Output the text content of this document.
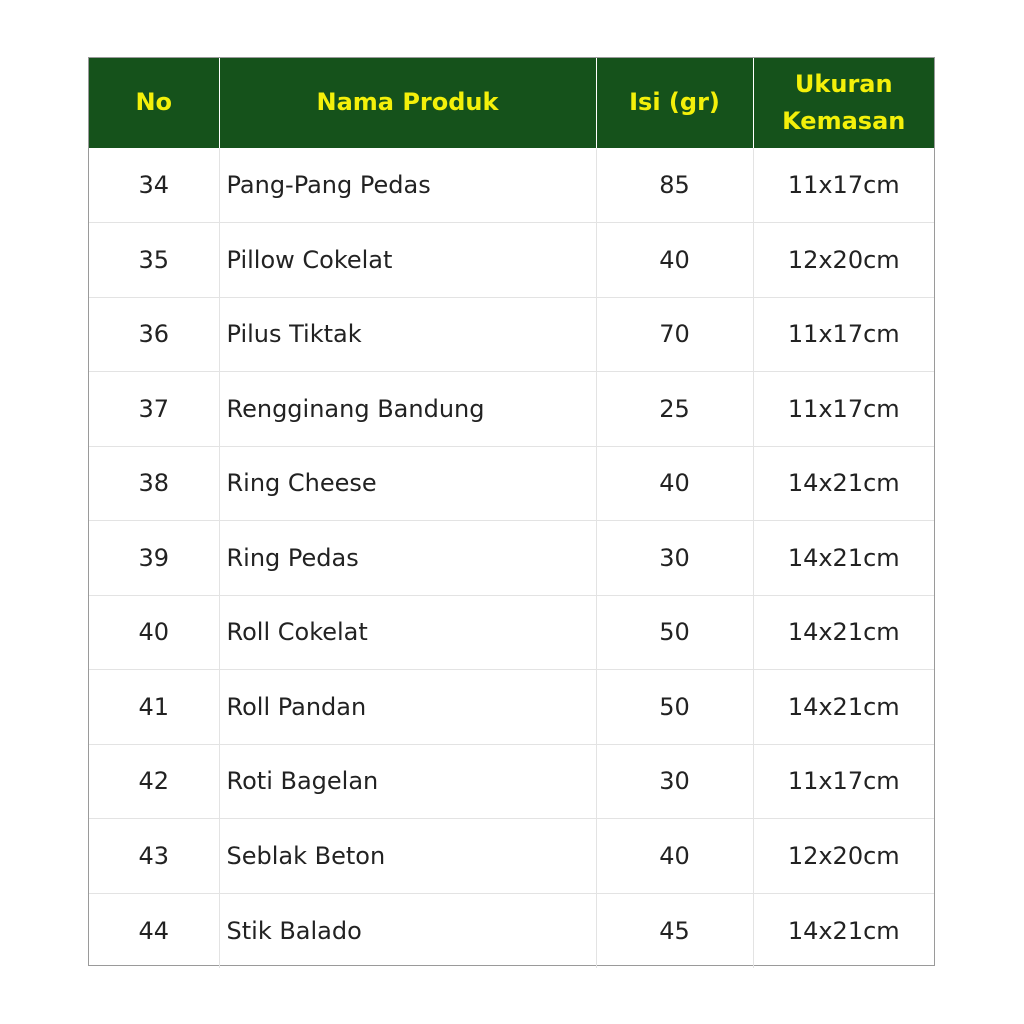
No	Nama Produk	Isi (gr)	Ukuran
Kemasan

34	Pang-Pang Pedas	85	11x17cm
35	Pillow Cokelat	40	12x20cm
36	Pilus Tiktak	70	11x17cm
37	Rengginang Bandung	25	11x17cm
38	Ring Cheese	40	14x21cm
39	Ring Pedas	30	14x21cm
40	Roll Cokelat	50	14x21cm
41	Roll Pandan	50	14x21cm
42	Roti Bagelan	30	11x17cm
43	Seblak Beton	40	12x20cm
44	Stik Balado	45	14x21cm
